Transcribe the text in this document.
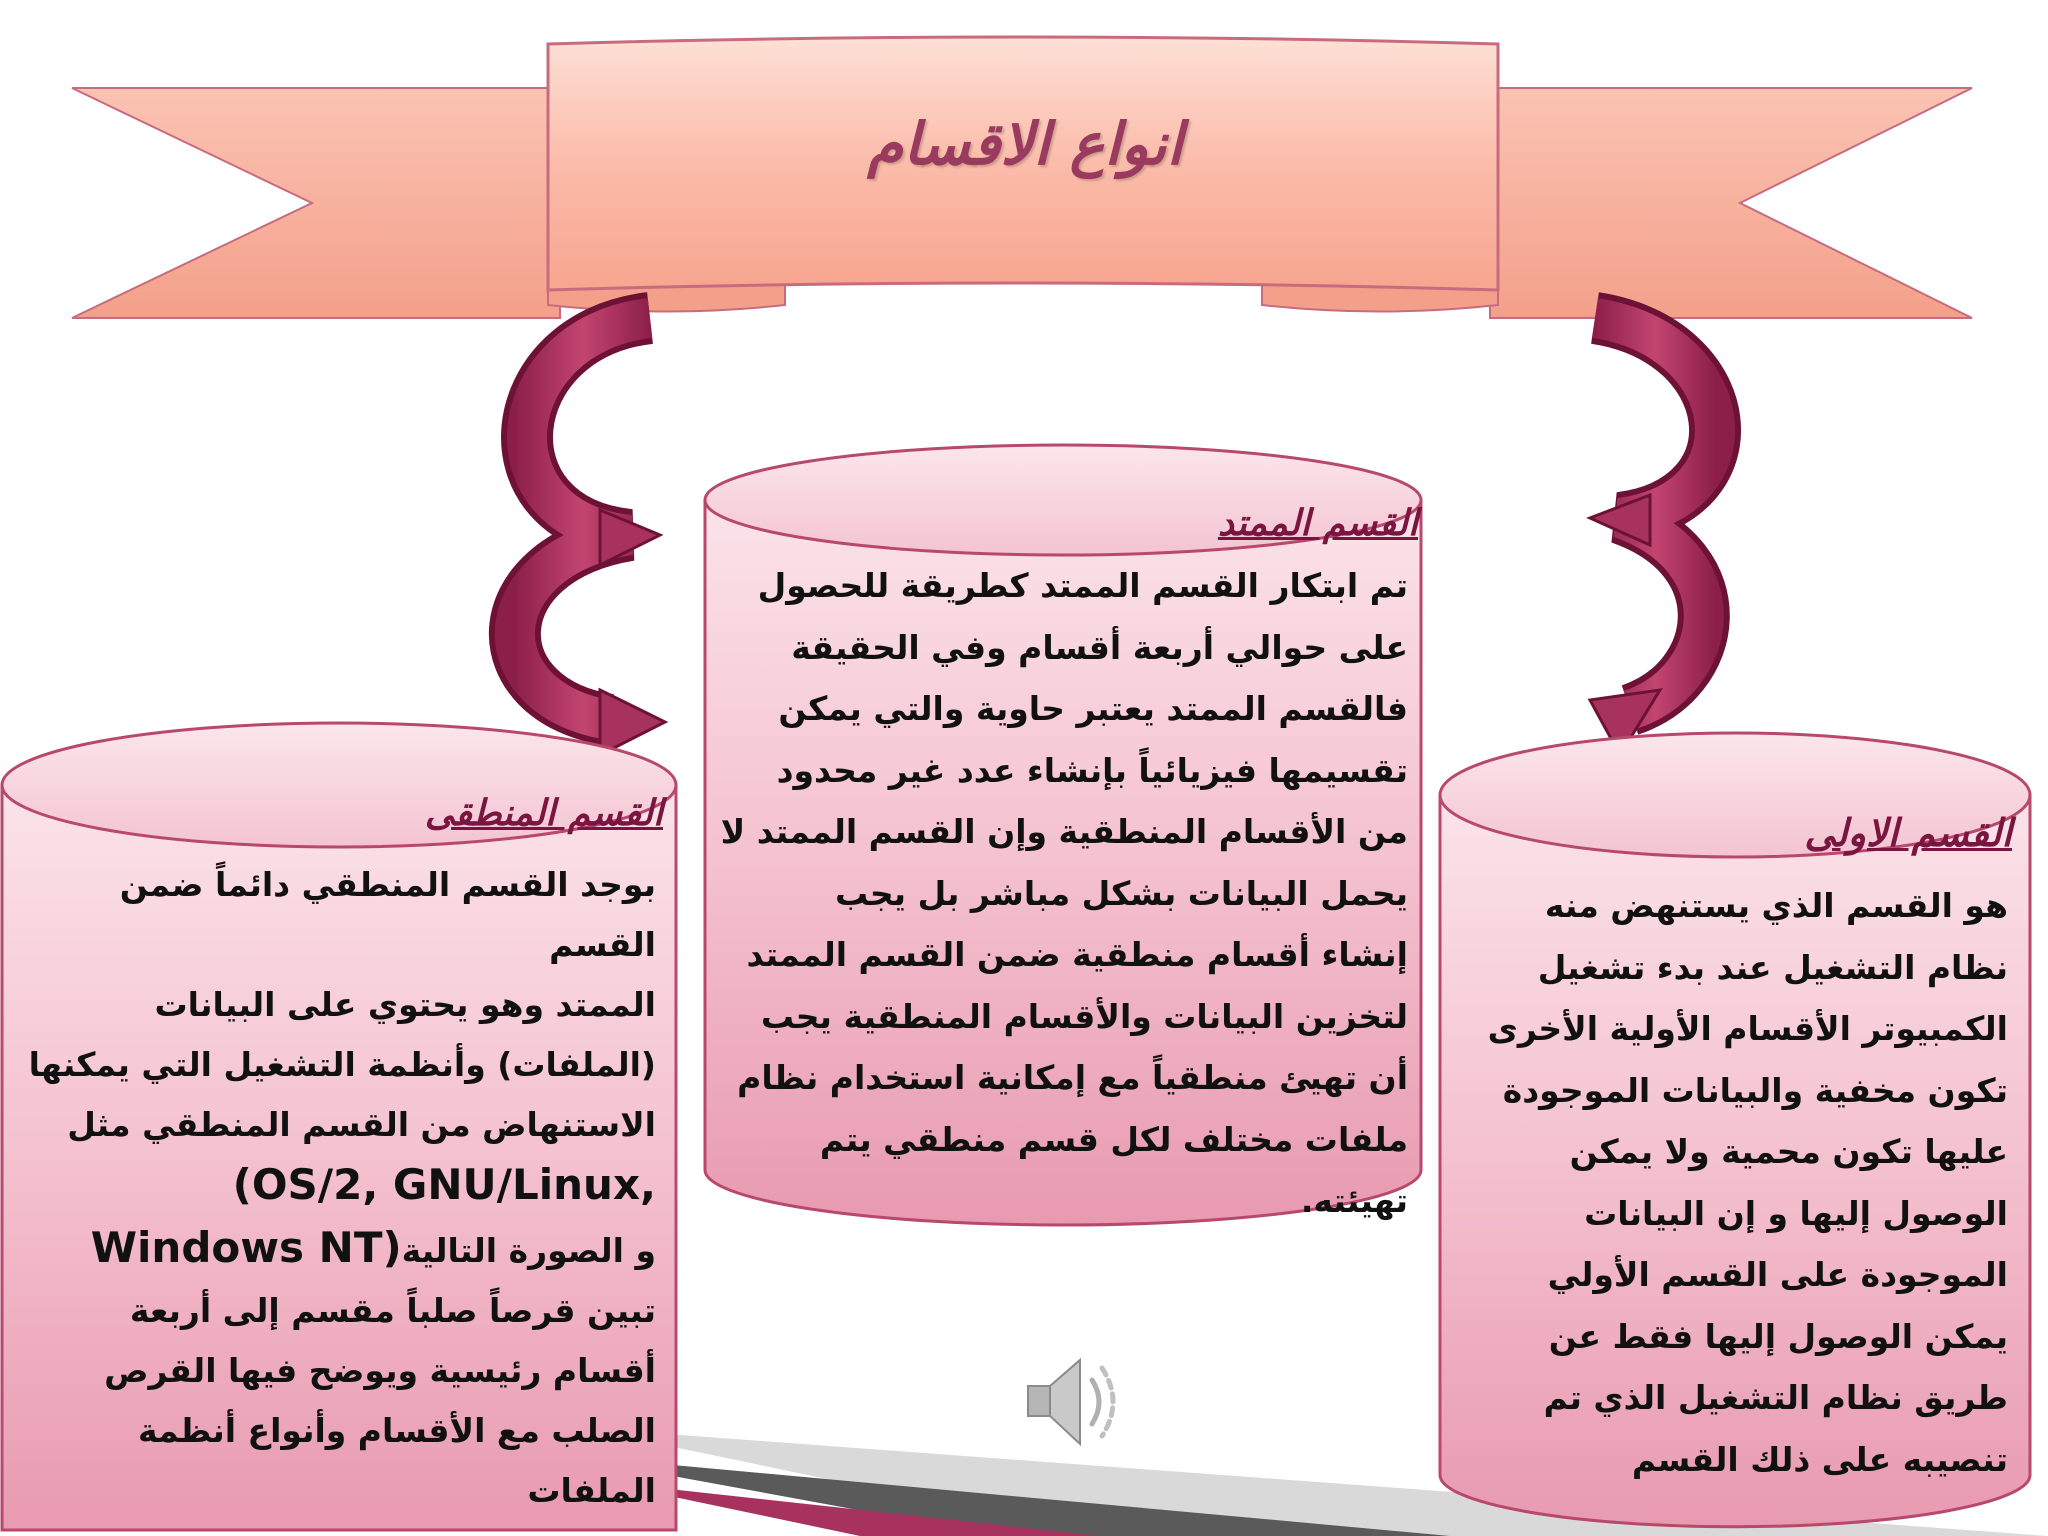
انواع الاقسام
القسم الممتد
تم ابتكار القسم الممتد كطريقة للحصول
على حوالي أربعة أقسام وفي الحقيقة
فالقسم الممتد يعتبر حاوية والتي يمكن
تقسيمها فيزيائياً بإنشاء عدد غير محدود
من الأقسام المنطقية وإن القسم الممتد لا
يحمل البيانات بشكل مباشر بل يجب
إنشاء أقسام منطقية ضمن القسم الممتد
لتخزين البيانات والأقسام المنطقية يجب
أن تهيئ منطقياً مع إمكانية استخدام نظام
ملفات مختلف لكل قسم منطقي يتم
تهيئته.
القسم الاولى
هو القسم الذي يستنهض منه
نظام التشغيل عند بدء تشغيل
الكمبيوتر الأقسام الأولية الأخرى
تكون مخفية والبيانات الموجودة
عليها تكون محمية ولا يمكن
الوصول إليها و إن البيانات
الموجودة على القسم الأولي
يمكن الوصول إليها فقط عن
طريق نظام التشغيل الذي تم
تنصيبه على ذلك القسم
القسم المنطقى
بوجد القسم المنطقي دائماً ضمن القسم
الممتد وهو يحتوي على البيانات
(الملفات) وأنظمة التشغيل التي يمكنها
الاستنهاض من القسم المنطقي مثل
(OS/2, GNU/Linux,
و الصورة التاليةWindows NT)
تبين قرصاً صلباً مقسم إلى أربعة
أقسام رئيسية ويوضح فيها القرص
الصلب مع الأقسام وأنواع أنظمة
الملفات
